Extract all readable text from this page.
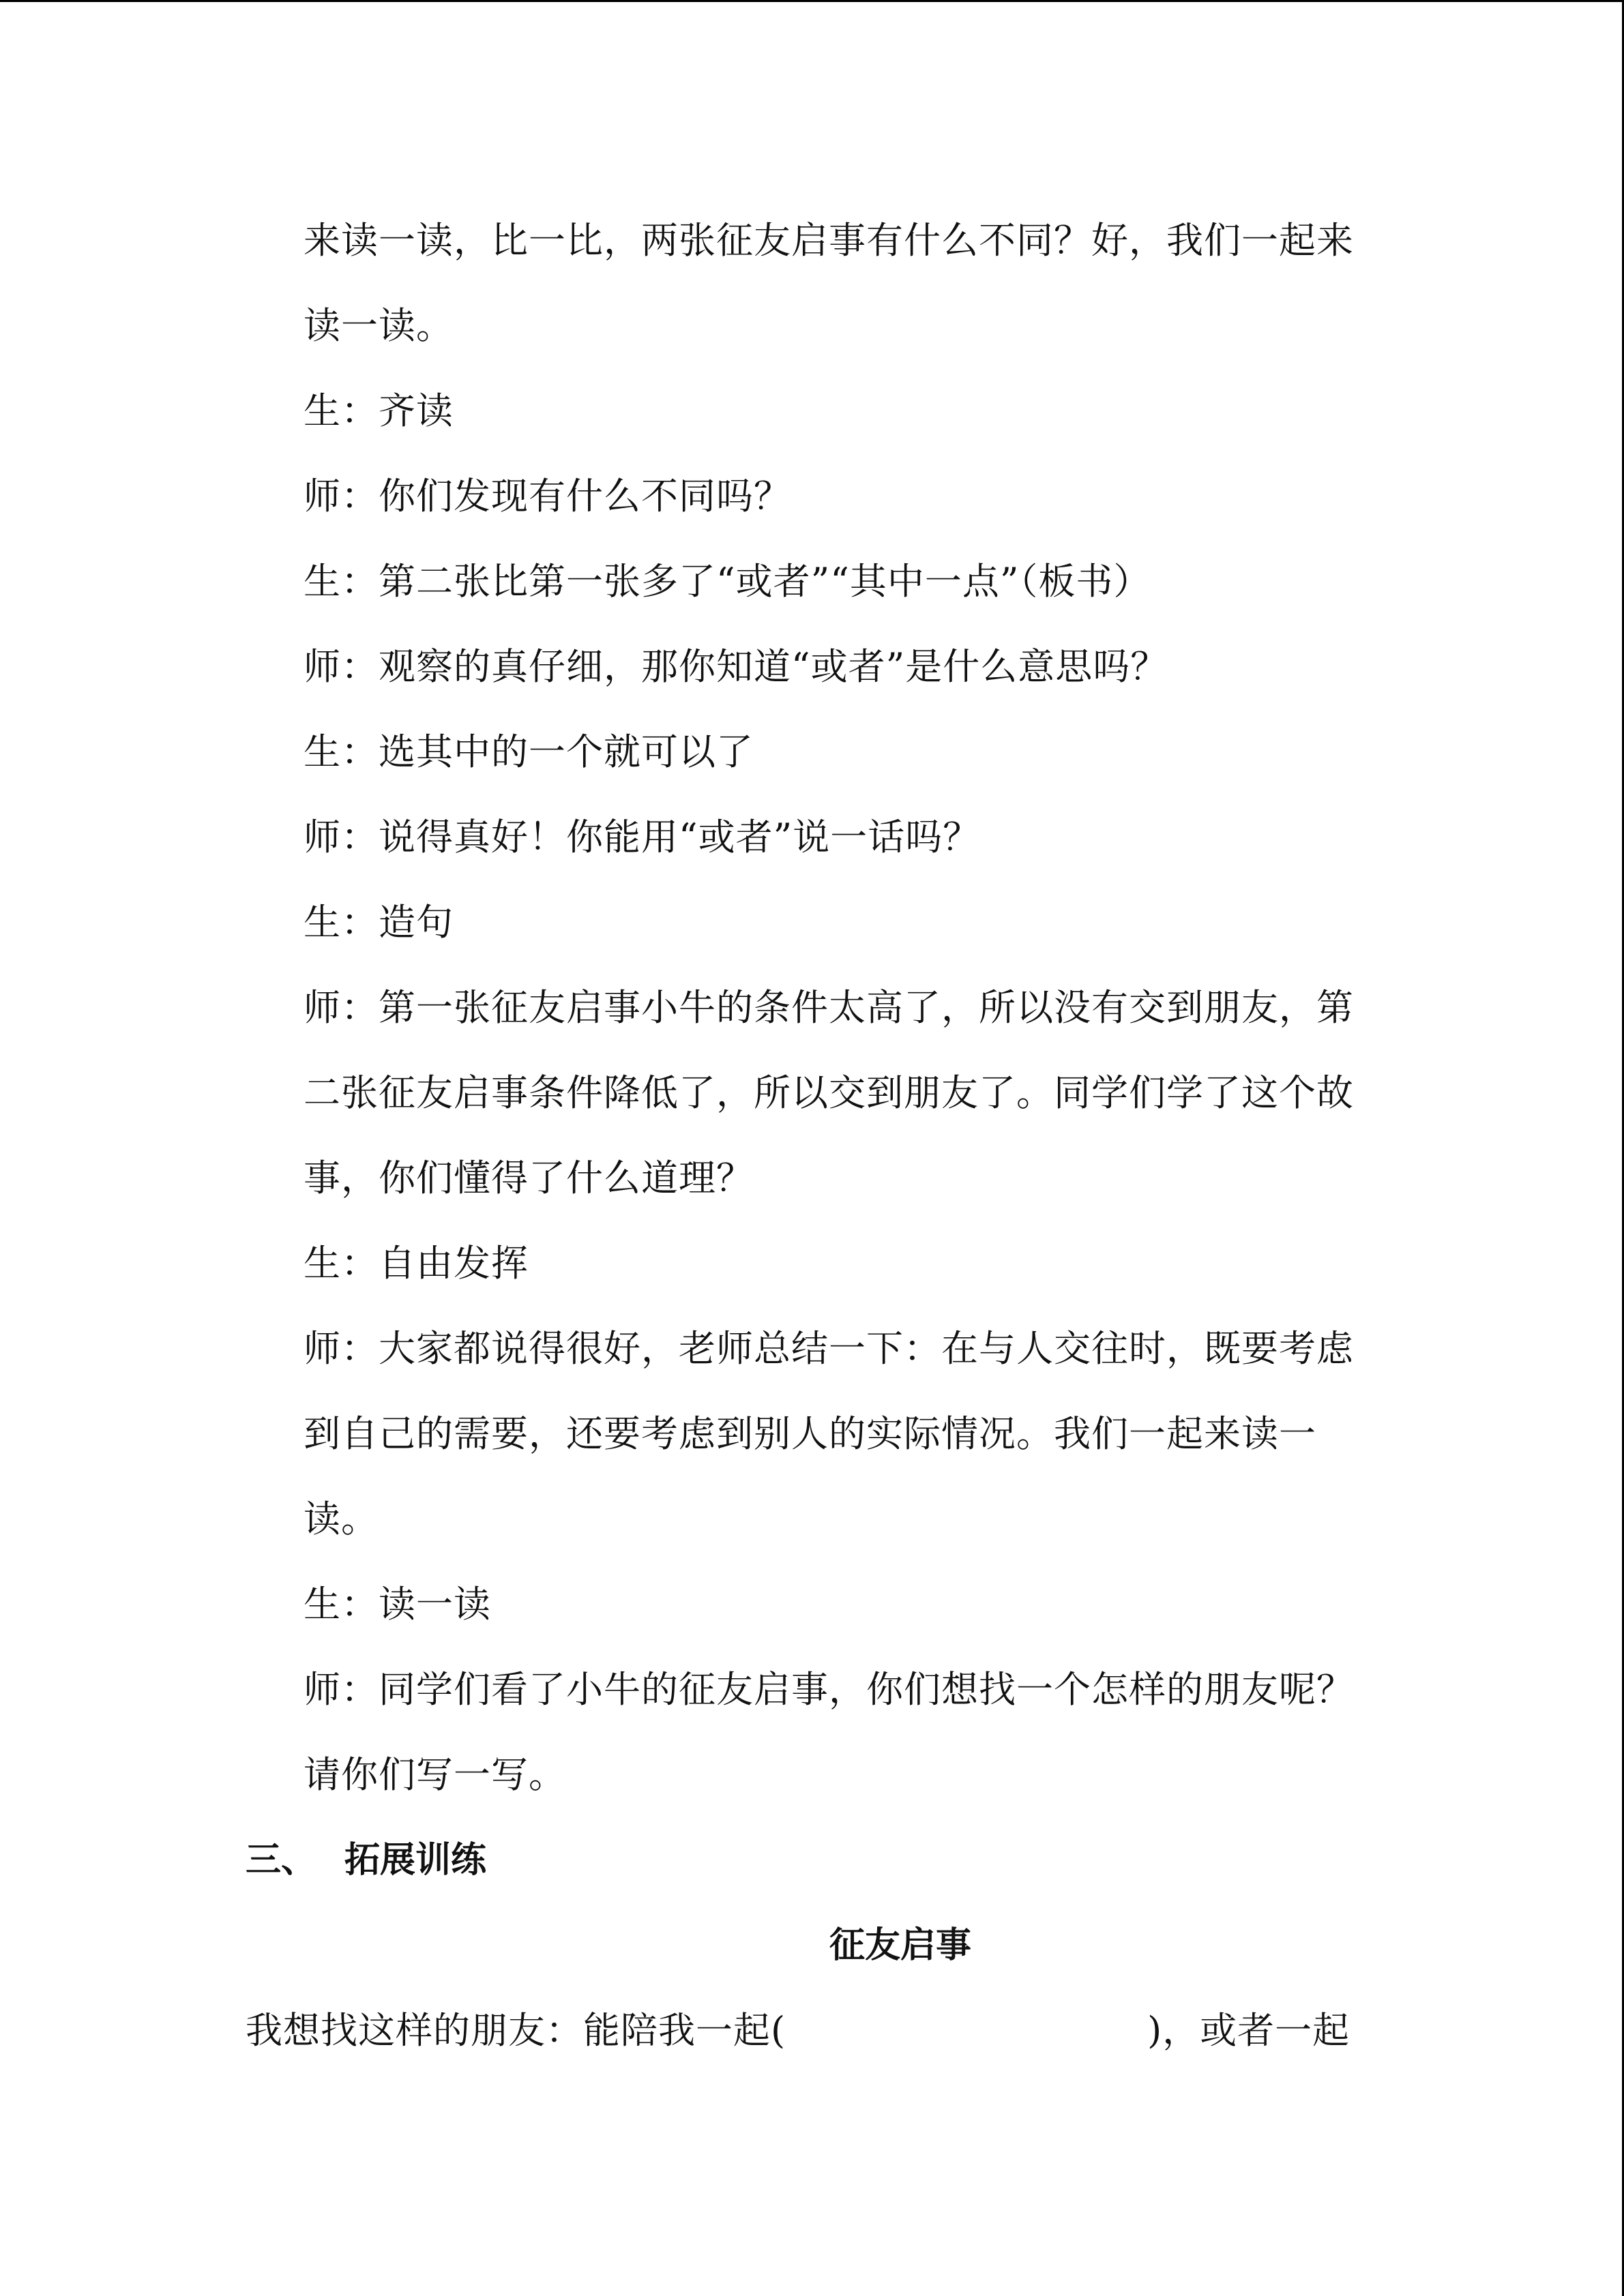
来读一读，比一比，两张征友启事有什么不同？好，我们一起来
读一读。
生：齐读
师：你们发现有什么不同吗？
生：第二张比第一张多了“或者”“其中一点”（板书）
师：观察的真仔细，那你知道“或者”是什么意思吗？
生：选其中的一个就可以了
师：说得真好！你能用“或者”说一话吗？
生：造句
师：第一张征友启事小牛的条件太高了，所以没有交到朋友，第
二张征友启事条件降低了，所以交到朋友了。同学们学了这个故
事，你们懂得了什么道理？
生：自由发挥
师：大家都说得很好，老师总结一下：在与人交往时，既要考虑
到自己的需要，还要考虑到别人的实际情况。我们一起来读一
读。
生：读一读
师：同学们看了小牛的征友启事，你们想找一个怎样的朋友呢？
请你们写一写。
三、 拓展训练
征友启事
我想找这样的朋友：能陪我一起(	)，或者一起
